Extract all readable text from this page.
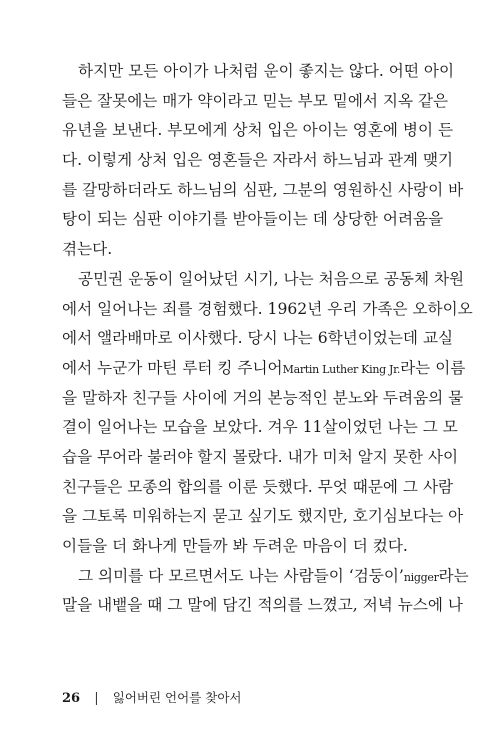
하지만 모든 아이가 나처럼 운이 좋지는 않다. 어떤 아이
들은 잘못에는 매가 약이라고 믿는 부모 밑에서 지옥 같은
유년을 보낸다. 부모에게 상처 입은 아이는 영혼에 병이 든
다. 이렇게 상처 입은 영혼들은 자라서 하느님과 관계 맺기
를 갈망하더라도 하느님의 심판, 그분의 영원하신 사랑이 바
탕이 되는 심판 이야기를 받아들이는 데 상당한 어려움을
겪는다.
공민권 운동이 일어났던 시기, 나는 처음으로 공동체 차원
에서 일어나는 죄를 경험했다. 1962년 우리 가족은 오하이오
에서 앨라배마로 이사했다. 당시 나는 6학년이었는데 교실
에서 누군가 마틴 루터 킹 주니어Martin Luther King Jr.라는 이름
을 말하자 친구들 사이에 거의 본능적인 분노와 두려움의 물
결이 일어나는 모습을 보았다. 겨우 11살이었던 나는 그 모
습을 무어라 불러야 할지 몰랐다. 내가 미처 알지 못한 사이
친구들은 모종의 합의를 이룬 듯했다. 무엇 때문에 그 사람
을 그토록 미워하는지 묻고 싶기도 했지만, 호기심보다는 아
이들을 더 화나게 만들까 봐 두려운 마음이 더 컸다.
그 의미를 다 모르면서도 나는 사람들이 ‘검둥이’nigger라는
말을 내뱉을 때 그 말에 담긴 적의를 느꼈고, 저녁 뉴스에 나
26 | 잃어버린 언어를 찾아서
